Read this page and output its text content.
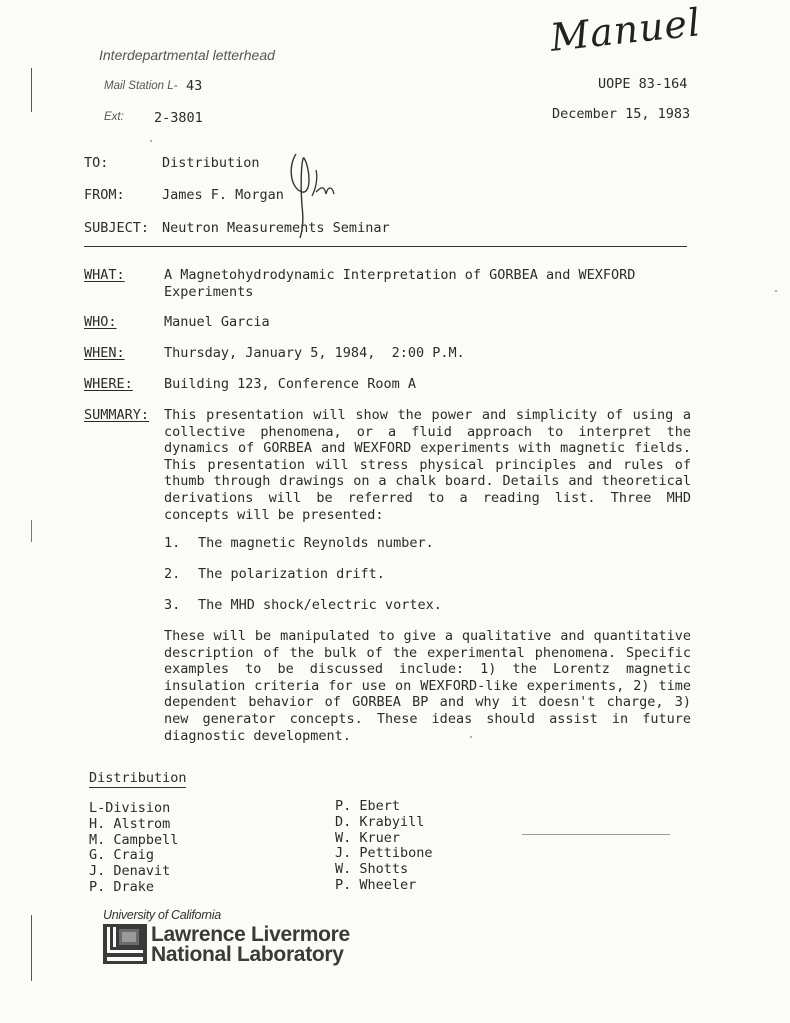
Interdepartmental letterhead	Manuel
Mail Station L- 43	UOPE 83-164
Ext: 2-3801	December 15, 1983
TO:	Distribution
FROM:	James F. Morgan
SUBJECT: Neutron Measurements Seminar
WHAT:	A Magnetohydrodynamic Interpretation of GORBEA and WEXFORD
Experiments
WHO:	Manuel Garcia
WHEN:	Thursday, January 5, 1984,  2:00 P.M.
WHERE: Building 123, Conference Room A
SUMMARY: This presentation will show the power and simplicity of using a collective phenomena, or a fluid approach to interpret the dynamics of GORBEA and WEXFORD experiments with magnetic fields. This presentation will stress physical principles and rules of thumb through drawings on a chalk board. Details and theoretical derivations will be referred to a reading list. Three MHD concepts will be presented:
1. The magnetic Reynolds number.
2. The polarization drift.
3. The MHD shock/electric vortex.
These will be manipulated to give a qualitative and quantitative description of the bulk of the experimental phenomena. Specific examples to be discussed include: 1) the Lorentz magnetic insulation criteria for use on WEXFORD-like experiments, 2) time dependent behavior of GORBEA BP and why it doesn't charge, 3) new generator concepts. These ideas should assist in future diagnostic development.
Distribution
L-Division
H. Alstrom
M. Campbell
G. Craig
J. Denavit
P. Drake
P. Ebert
D. Krabyill
W. Kruer
J. Pettibone
W. Shotts
P. Wheeler
University of California
Lawrence Livermore
National Laboratory
